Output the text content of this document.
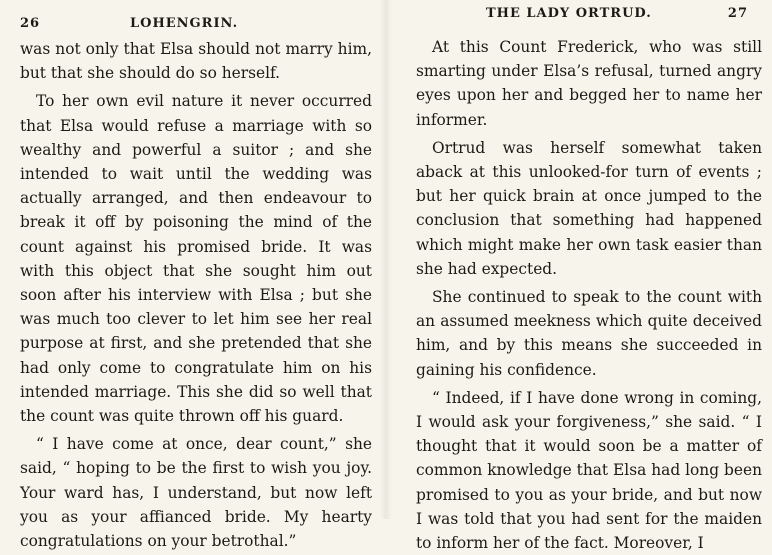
26	LOHENGRIN.

was not only that Elsa should not marry him, but that she should do so herself.

To her own evil nature it never occurred that Elsa would refuse a marriage with so wealthy and powerful a suitor ; and she intended to wait until the wedding was actually arranged, and then endeavour to break it off by poisoning the mind of the count against his promised bride. It was with this object that she sought him out soon after his interview with Elsa ; but she was much too clever to let him see her real purpose at first, and she pretended that she had only come to congratulate him on his intended marriage. This she did so well that the count was quite thrown off his guard.

“ I have come at once, dear count,” she said, “ hoping to be the first to wish you joy. Your ward has, I understand, but now left you as your affianced bride. My hearty congratulations on your betrothal.”

THE LADY ORTRUD.	27

At this Count Frederick, who was still smarting under Elsa’s refusal, turned angry eyes upon her and begged her to name her informer.

Ortrud was herself somewhat taken aback at this unlooked-for turn of events ; but her quick brain at once jumped to the conclusion that something had happened which might make her own task easier than she had expected.

She continued to speak to the count with an assumed meekness which quite deceived him, and by this means she succeeded in gaining his confidence.

“ Indeed, if I have done wrong in coming, I would ask your forgiveness,” she said. “ I thought that it would soon be a matter of common knowledge that Elsa had long been promised to you as your bride, and but now I was told that you had sent for the maiden to inform her of the fact. Moreover, I
